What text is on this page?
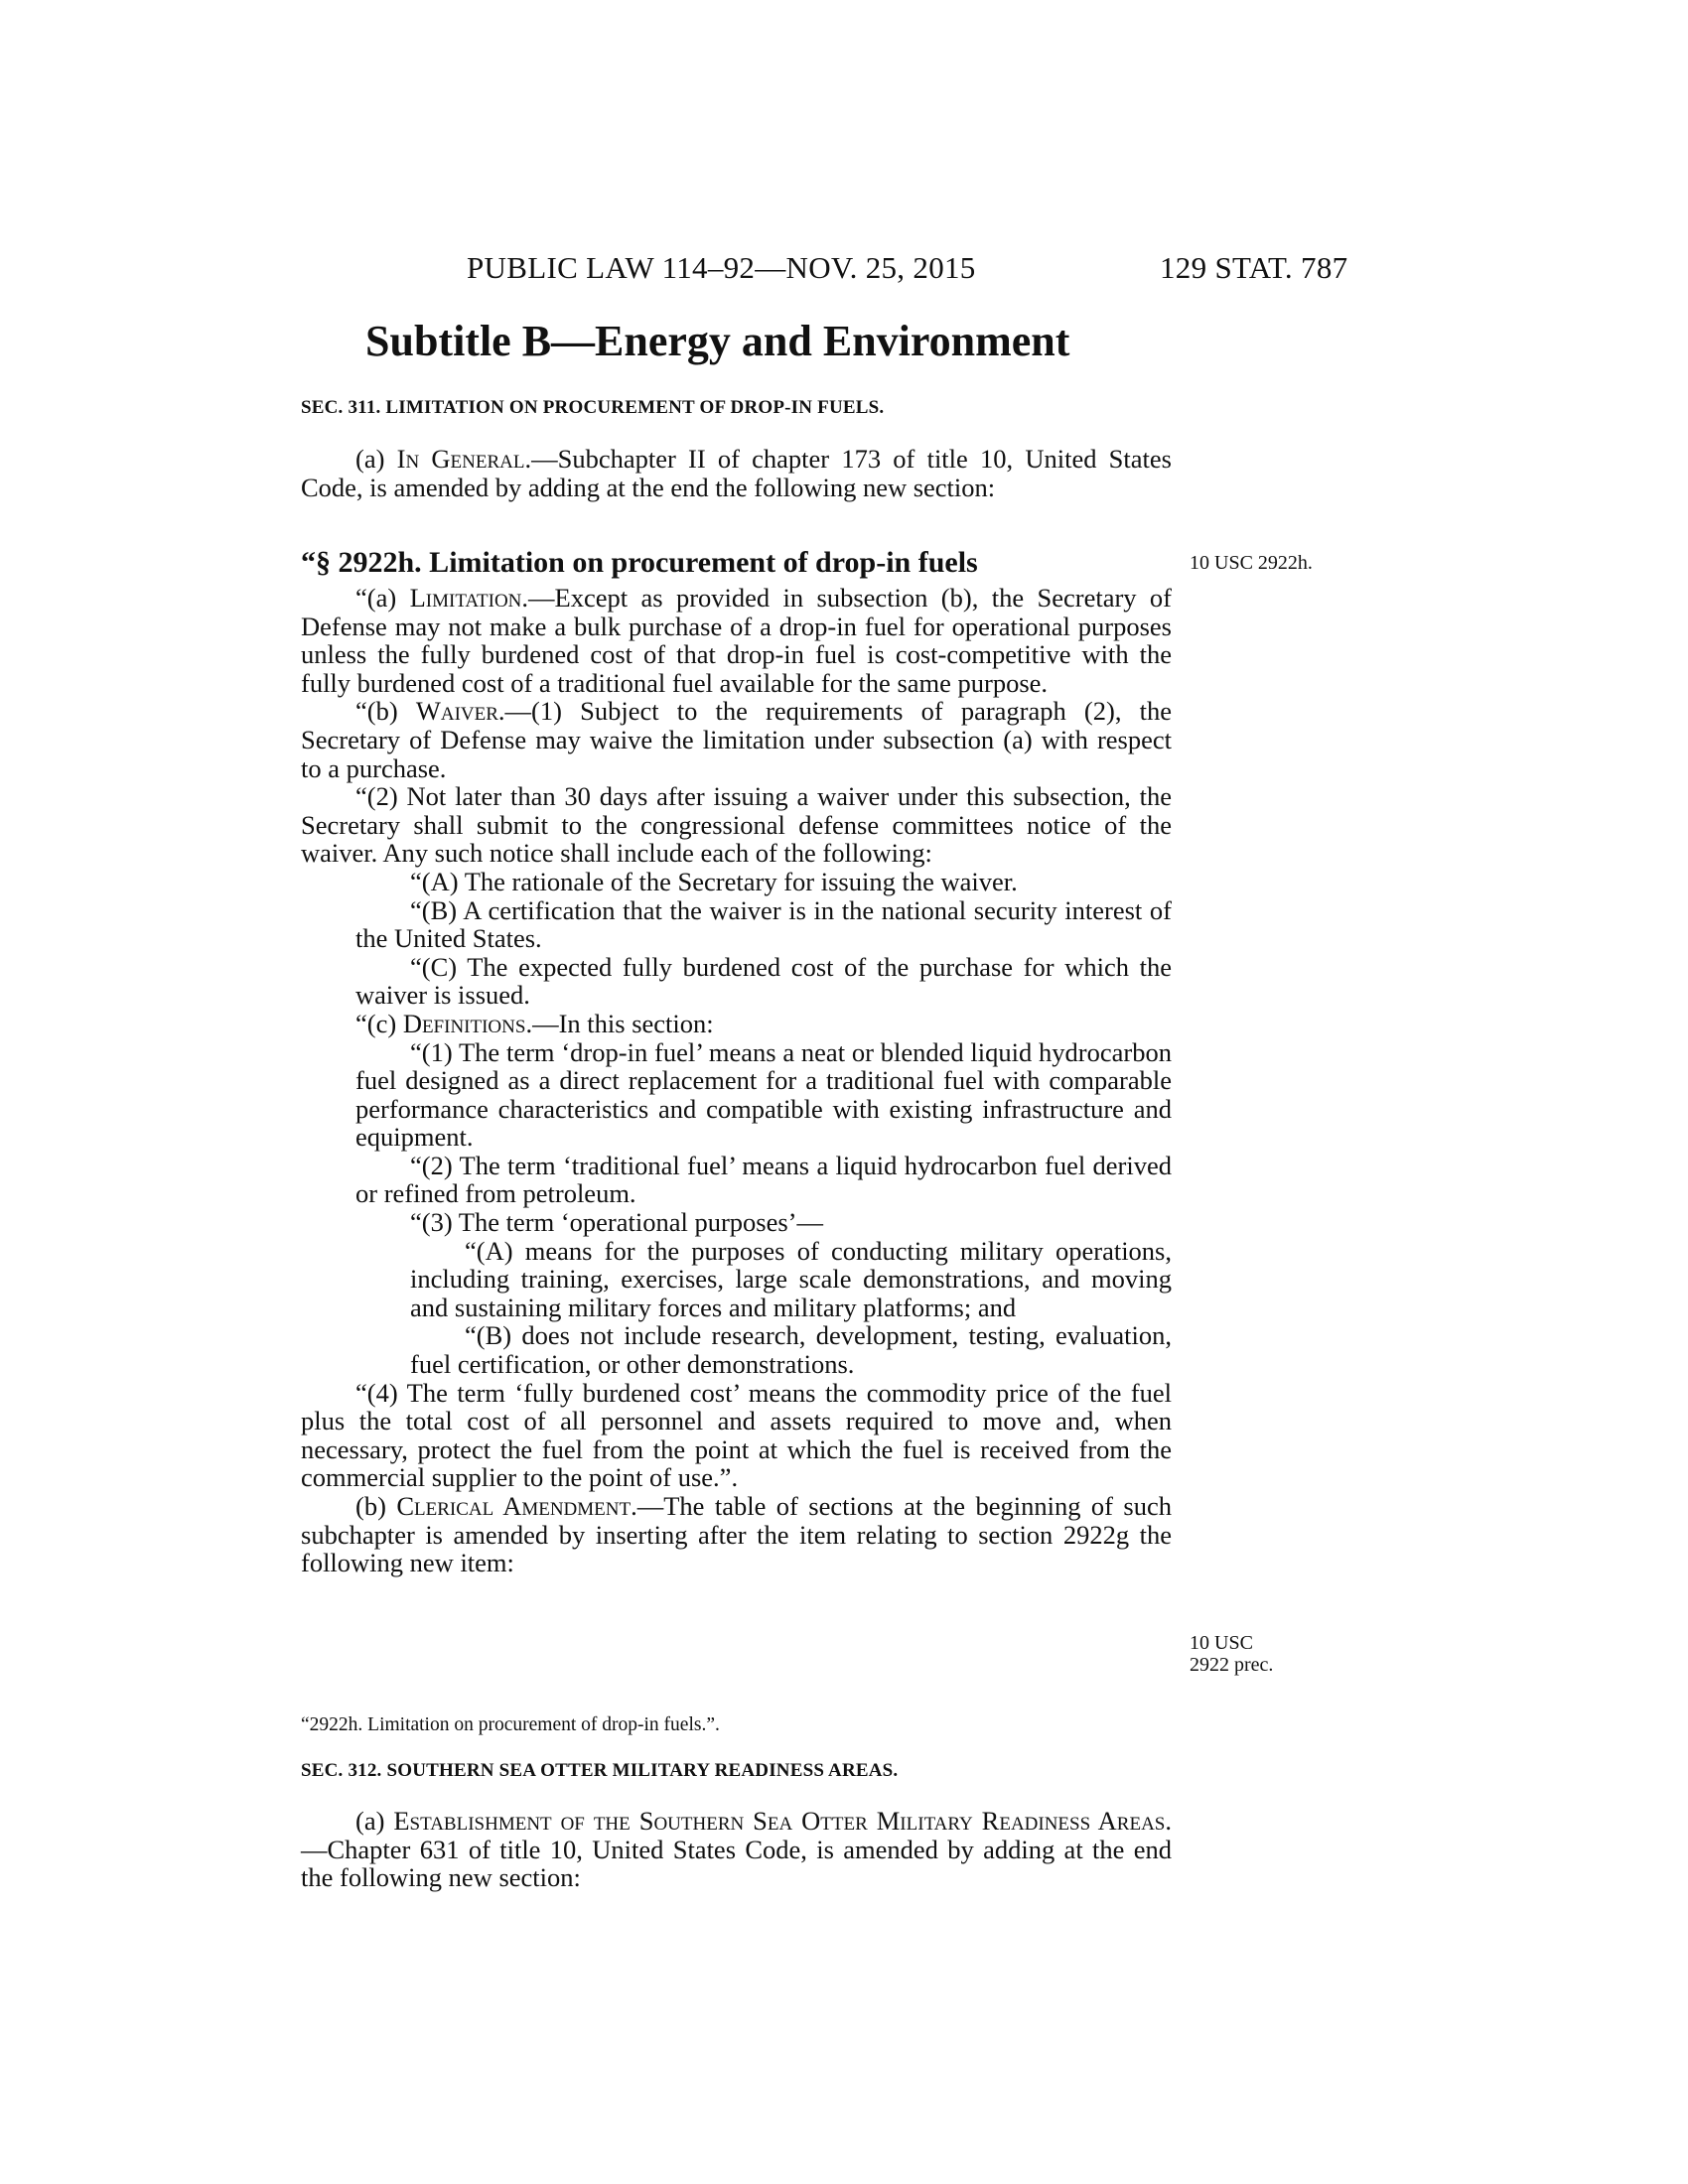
PUBLIC LAW 114–92—NOV. 25, 2015	129 STAT. 787
Subtitle B—Energy and Environment
SEC. 311. LIMITATION ON PROCUREMENT OF DROP-IN FUELS.

(a) In General.—Subchapter II of chapter 173 of title 10, United States Code, is amended by adding at the end the following new section:

“§ 2922h. Limitation on procurement of drop-in fuels	10 USC 2922h.

“(a) Limitation.—Except as provided in subsection (b), the Secretary of Defense may not make a bulk purchase of a drop-in fuel for operational purposes unless the fully burdened cost of that drop-in fuel is cost-competitive with the fully burdened cost of a traditional fuel available for the same purpose.

“(b) Waiver.—(1) Subject to the requirements of paragraph (2), the Secretary of Defense may waive the limitation under subsection (a) with respect to a purchase.

“(2) Not later than 30 days after issuing a waiver under this subsection, the Secretary shall submit to the congressional defense committees notice of the waiver. Any such notice shall include each of the following:

“(A) The rationale of the Secretary for issuing the waiver.

“(B) A certification that the waiver is in the national security interest of the United States.

“(C) The expected fully burdened cost of the purchase for which the waiver is issued.

“(c) Definitions.—In this section:

“(1) The term ‘drop-in fuel’ means a neat or blended liquid hydrocarbon fuel designed as a direct replacement for a traditional fuel with comparable performance characteristics and compatible with existing infrastructure and equipment.

“(2) The term ‘traditional fuel’ means a liquid hydrocarbon fuel derived or refined from petroleum.

“(3) The term ‘operational purposes’—

“(A) means for the purposes of conducting military operations, including training, exercises, large scale demonstrations, and moving and sustaining military forces and military platforms; and

“(B) does not include research, development, testing, evaluation, fuel certification, or other demonstrations.

“(4) The term ‘fully burdened cost’ means the commodity price of the fuel plus the total cost of all personnel and assets required to move and, when necessary, protect the fuel from the point at which the fuel is received from the commercial supplier to the point of use.”.

(b) Clerical Amendment.—The table of sections at the beginning of such subchapter is amended by inserting after the item relating to section 2922g the following new item:

10 USC
2922 prec.
“2922h. Limitation on procurement of drop-in fuels.”.
SEC. 312. SOUTHERN SEA OTTER MILITARY READINESS AREAS.

(a) Establishment of the Southern Sea Otter Military Readiness Areas.—Chapter 631 of title 10, United States Code, is amended by adding at the end the following new section:
